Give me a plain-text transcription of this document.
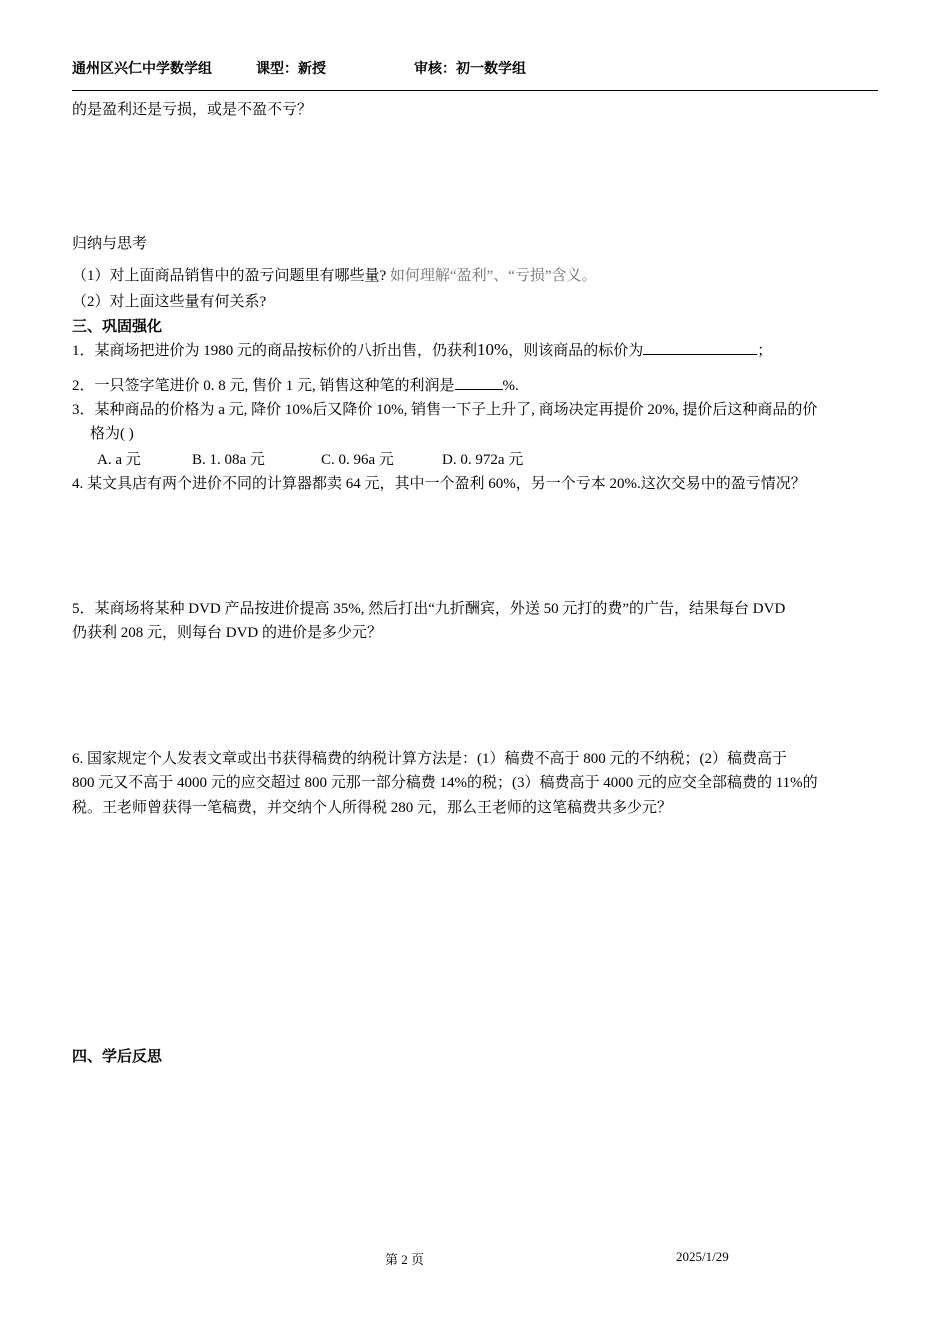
通州区兴仁中学数学组	课型：新授	审核：初一数学组
的是盈利还是亏损，或是不盈不亏？
归纳与思考
（1）对上面商品销售中的盈亏问题里有哪些量? 如何理解“盈利”、“亏损”含义。
（2）对上面这些量有何关系?
三、巩固强化
1．某商场把进价为 1980 元的商品按标价的八折出售，仍获利10%，则该商品的标价为	；
2．一只签字笔进价 0. 8 元, 售价 1 元, 销售这种笔的利润是	%.
3．某种商品的价格为 a 元, 降价 10%后又降价 10%, 销售一下子上升了, 商场决定再提价 20%, 提价后这种商品的价
格为( )
A. a 元	B. 1. 08a 元	C. 0. 96a 元	D. 0. 972a 元
4. 某文具店有两个进价不同的计算器都卖 64 元，其中一个盈利 60%，另一个亏本 20%.这次交易中的盈亏情况？
5．某商场将某种 DVD 产品按进价提高 35%, 然后打出“九折酬宾，外送 50 元打的费”的广告，结果每台 DVD
仍获利 208 元，则每台 DVD 的进价是多少元？
6. 国家规定个人发表文章或出书获得稿费的纳税计算方法是：(1）稿费不高于 800 元的不纳税；(2）稿费高于
800 元又不高于 4000 元的应交超过 800 元那一部分稿费 14%的税；(3）稿费高于 4000 元的应交全部稿费的 11%的
税。王老师曾获得一笔稿费，并交纳个人所得税 280 元，那么王老师的这笔稿费共多少元？
四、学后反思
第 2 页	2025/1/29
